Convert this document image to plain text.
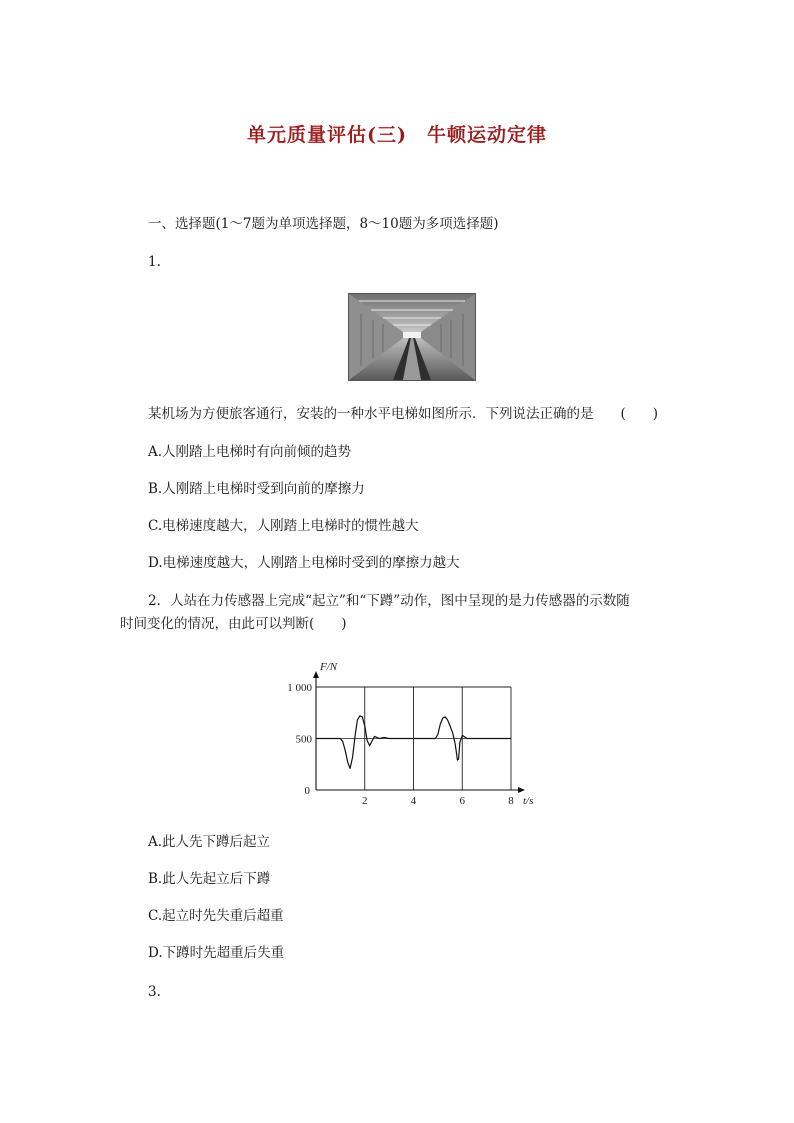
单元质量评估(三)　牛顿运动定律
一、选择题(1～7题为单项选择题，8～10题为多项选择题)
1.
某机场为方便旅客通行，安装的一种水平电梯如图所示．下列说法正确的是　　(　　)
A.人刚踏上电梯时有向前倾的趋势
B.人刚踏上电梯时受到向前的摩擦力
C.电梯速度越大，人刚踏上电梯时的惯性越大
D.电梯速度越大，人刚踏上电梯时受到的摩擦力越大
2．人站在力传感器上完成“起立”和“下蹲”动作，图中呈现的是力传感器的示数随
时间变化的情况，由此可以判断(　　)
2	4	6	8
0
1 000
500
F/N
t/s
A.此人先下蹲后起立
B.此人先起立后下蹲
C.起立时先失重后超重
D.下蹲时先超重后失重
3.
